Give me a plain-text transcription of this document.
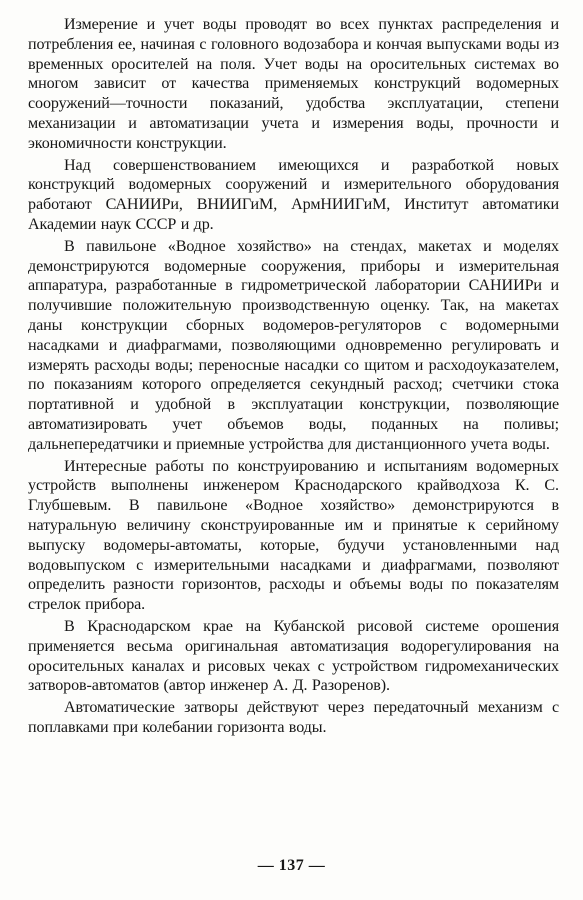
Измерение и учет воды проводят во всех пунктах распределения и потребления ее, начиная с головного водозабора и кончая выпусками воды из временных оросителей на поля. Учет воды на оросительных системах во многом зависит от качества применяемых конструкций водомерных сооружений—точности показаний, удобства эксплуатации, степени механизации и автоматизации учета и измерения воды, прочности и экономичности конструкции.

Над совершенствованием имеющихся и разработкой новых конструкций водомерных сооружений и измерительного оборудования работают САНИИРи, ВНИИГиМ, АрмНИИГиМ, Институт автоматики Академии наук СССР и др.

В павильоне «Водное хозяйство» на стендах, макетах и моделях демонстрируются водомерные сооружения, приборы и измерительная аппаратура, разработанные в гидрометрической лаборатории САНИИРи и получившие положительную производственную оценку. Так, на макетах даны конструкции сборных водомеров-регуляторов с водомерными насадками и диафрагмами, позволяющими одновременно регулировать и измерять расходы воды; переносные насадки со щитом и расходоуказателем, по показаниям которого определяется секундный расход; счетчики стока портативной и удобной в эксплуатации конструкции, позволяющие автоматизировать учет объемов воды, поданных на поливы; дальнепередатчики и приемные устройства для дистанционного учета воды.

Интересные работы по конструированию и испытаниям водомерных устройств выполнены инженером Краснодарского крайводхоза К. С. Глубшевым. В павильоне «Водное хозяйство» демонстрируются в натуральную величину сконструированные им и принятые к серийному выпуску водомеры-автоматы, которые, будучи установленными над водовыпуском с измерительными насадками и диафрагмами, позволяют определить разности горизонтов, расходы и объемы воды по показателям стрелок прибора.

В Краснодарском крае на Кубанской рисовой системе орошения применяется весьма оригинальная автоматизация водорегулирования на оросительных каналах и рисовых чеках с устройством гидромеханических затворов-автоматов (автор инженер А. Д. Разоренов).

Автоматические затворы действуют через передаточный механизм с поплавками при колебании горизонта воды.

— 137 —
